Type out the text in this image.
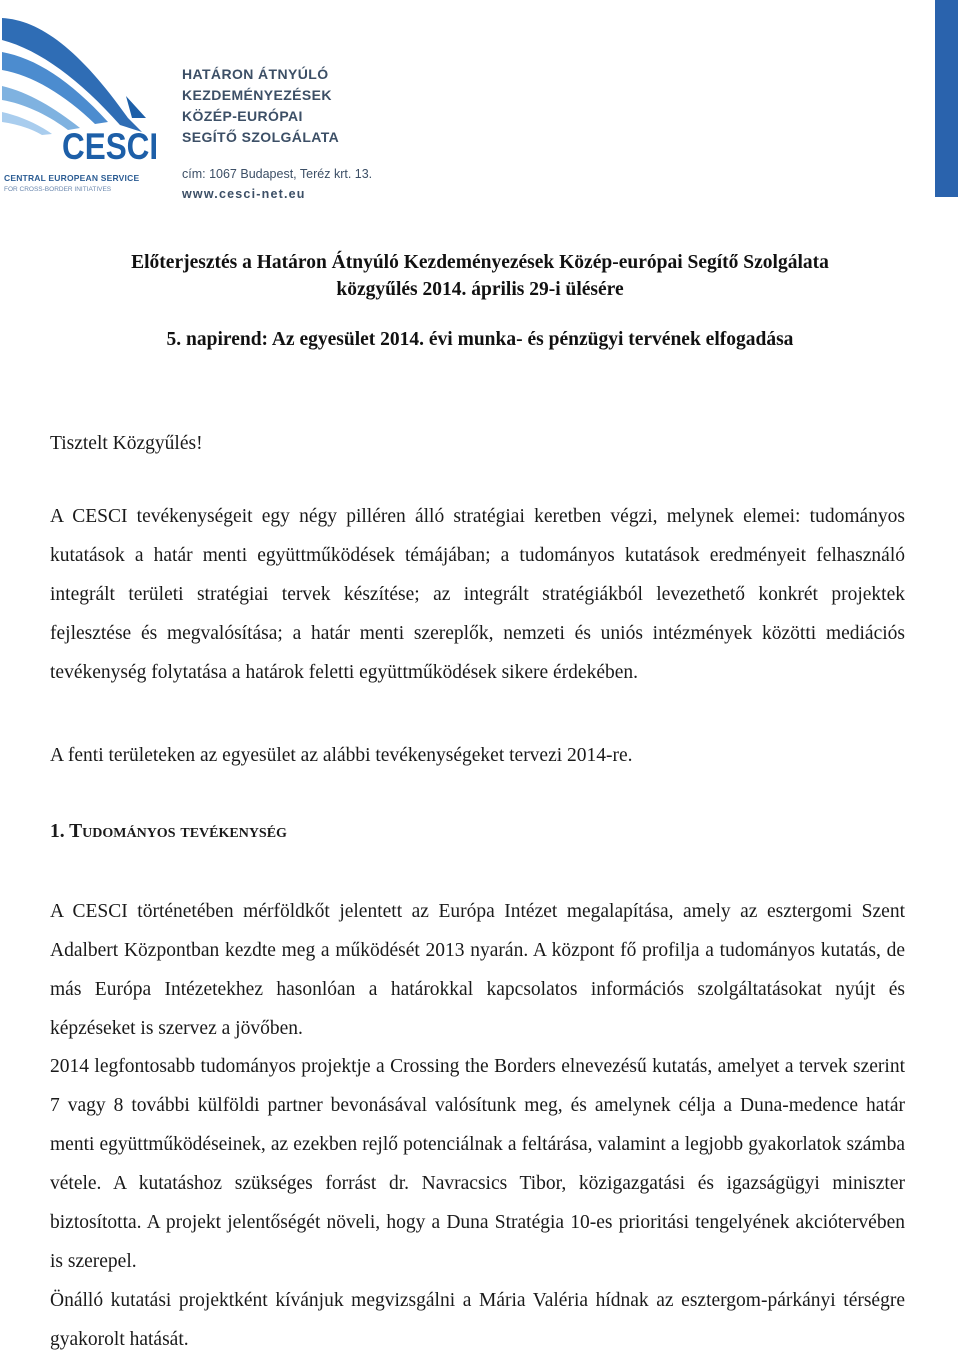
CESCI
CENTRAL EUROPEAN SERVICE
FOR CROSS-BORDER INITIATIVES
HATÁRON ÁTNYÚLÓ
KEZDEMÉNYEZÉSEK
KÖZÉP-EURÓPAI
SEGÍTŐ SZOLGÁLATA
cím: 1067 Budapest, Teréz krt. 13.
www.cesci-net.eu
Előterjesztés a Határon Átnyúló Kezdeményezések Közép-európai Segítő Szolgálata
közgyűlés 2014. április 29-i ülésére
5. napirend: Az egyesület 2014. évi munka- és pénzügyi tervének elfogadása
Tisztelt Közgyűlés!
A CESCI tevékenységeit egy négy pilléren álló stratégiai keretben végzi, melynek elemei: tudományos kutatások a határ menti együttműködések témájában; a tudományos kutatások eredményeit felhasználó integrált területi stratégiai tervek készítése; az integrált stratégiákból levezethető konkrét projektek fejlesztése és megvalósítása; a határ menti szereplők, nemzeti és uniós intézmények közötti mediációs tevékenység folytatása a határok feletti együttműködések sikere érdekében.
A fenti területeken az egyesület az alábbi tevékenységeket tervezi 2014-re.
1. Tudományos tevékenység
A CESCI történetében mérföldkőt jelentett az Európa Intézet megalapítása, amely az esztergomi Szent Adalbert Központban kezdte meg a működését 2013 nyarán. A központ fő profilja a tudományos kutatás, de más Európa Intézetekhez hasonlóan a határokkal kapcsolatos információs szolgáltatásokat nyújt és képzéseket is szervez a jövőben.
2014 legfontosabb tudományos projektje a Crossing the Borders elnevezésű kutatás, amelyet a tervek szerint 7 vagy 8 további külföldi partner bevonásával valósítunk meg, és amelynek célja a Duna-medence határ menti együttműködéseinek, az ezekben rejlő potenciálnak a feltárása, valamint a legjobb gyakorlatok számba vétele. A kutatáshoz szükséges forrást dr. Navracsics Tibor, közigazgatási és igazságügyi miniszter biztosította. A projekt jelentőségét növeli, hogy a Duna Stratégia 10-es prioritási tengelyének akciótervében is szerepel.
Önálló kutatási projektként kívánjuk megvizsgálni a Mária Valéria hídnak az esztergom-párkányi térségre gyakorolt hatását.
